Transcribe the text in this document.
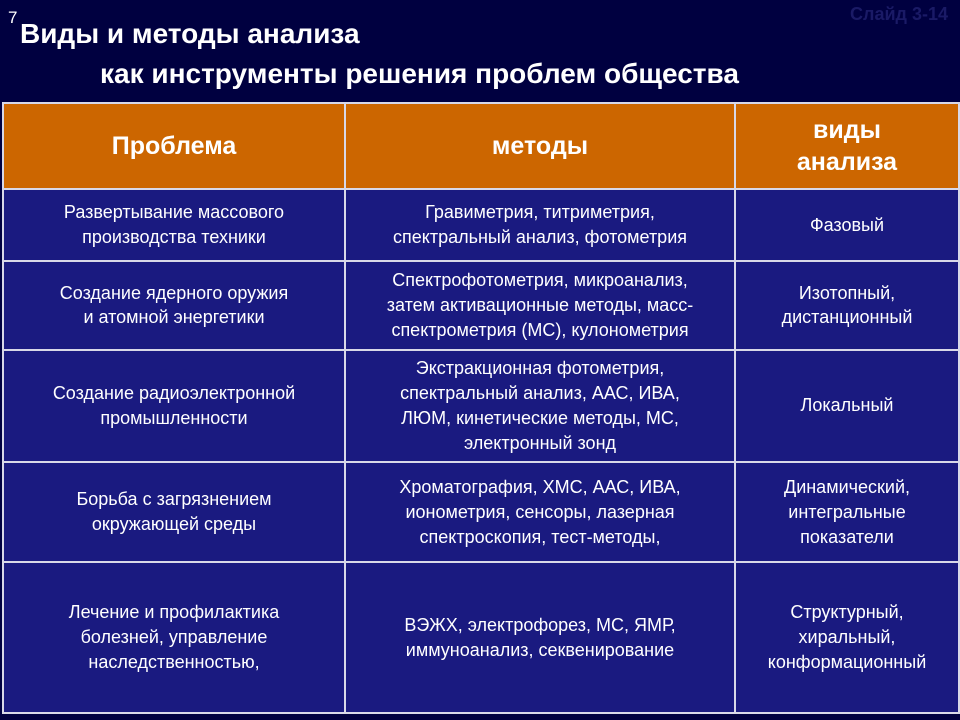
7	Слайд 3-14
Виды и методы анализа
как инструменты решения проблем общества
Проблема	методы	виды анализа

Развертывание массового
производства техники	Гравиметрия, титриметрия,
спектральный анализ, фотометрия	Фазовый

Создание ядерного оружия
и атомной энергетики	Спектрофотометрия, микроанализ,
затем активационные методы, масс-
спектрометрия (МС), кулонометрия	Изотопный,
дистанционный

Создание радиоэлектронной
промышленности	Экстракционная фотометрия,
спектральный анализ, ААС, ИВА,
ЛЮМ, кинетические методы, МС,
электронный зонд	Локальный

Борьба с загрязнением
окружающей среды	Хроматография, ХМС, ААС, ИВА,
ионометрия, сенсоры, лазерная
спектроскопия, тест-методы,	Динамический,
интегральные
показатели

Лечение и профилактика
болезней, управление
наследственностью,	ВЭЖХ, электрофорез, МС, ЯМР,
иммуноанализ, секвенирование	Структурный,
хиральный,
конформационный
